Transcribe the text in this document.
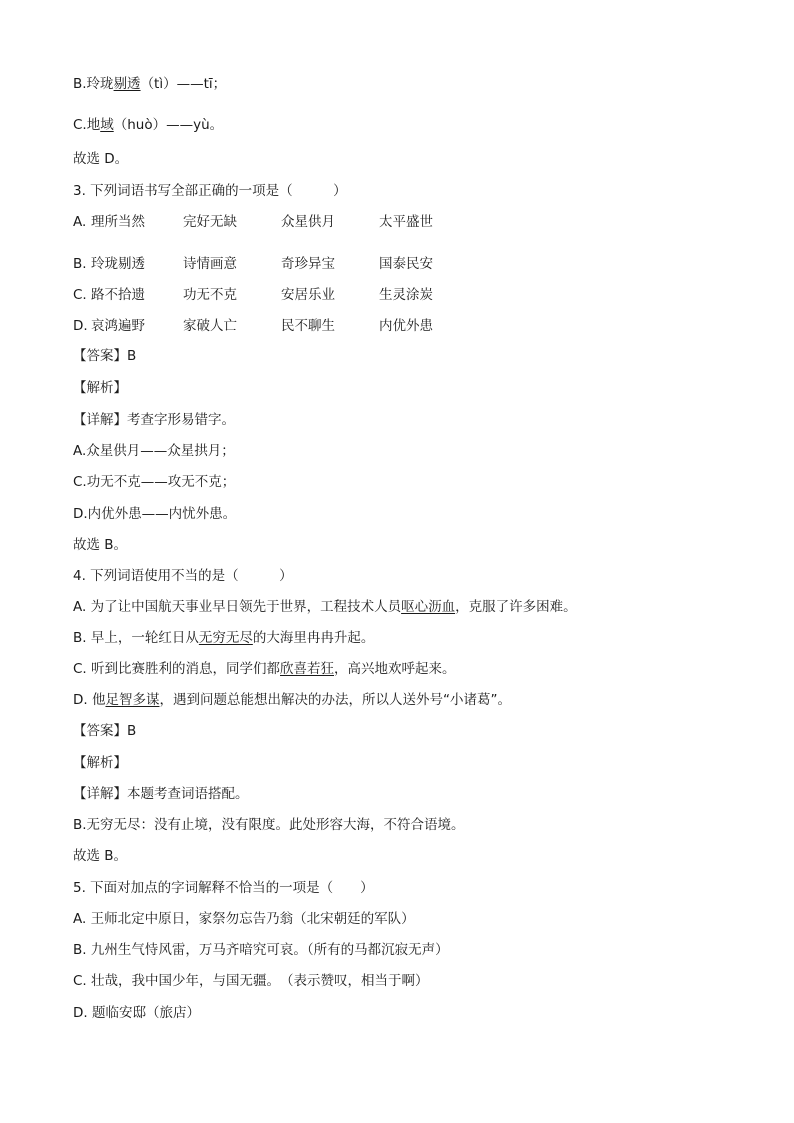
B.玲珑剔透（tì）——tī；
C.地域（huò）——yù。
故选 D。
3. 下列词语书写全部正确的一项是（　　　）
A. 理所当然	完好无缺	众星供月	太平盛世
B. 玲珑剔透	诗情画意	奇珍异宝	国泰民安
C. 路不拾遗	功无不克	安居乐业	生灵涂炭
D. 哀鸿遍野	家破人亡	民不聊生	内优外患
【答案】B
【解析】
【详解】考查字形易错字。
A.众星供月——众星拱月；
C.功无不克——攻无不克；
D.内优外患——内忧外患。
故选 B。
4. 下列词语使用不当的是（　　　）
A. 为了让中国航天事业早日领先于世界，工程技术人员呕心沥血，克服了许多困难。
B. 早上，一轮红日从无穷无尽的大海里冉冉升起。
C. 听到比赛胜利的消息，同学们都欣喜若狂，高兴地欢呼起来。
D. 他足智多谋，遇到问题总能想出解决的办法，所以人送外号“小诸葛”。
【答案】B
【解析】
【详解】本题考查词语搭配。
B.无穷无尽：没有止境，没有限度。此处形容大海，不符合语境。
故选 B。
5. 下面对加点的字词解释不恰当的一项是（　　）
A. 王师北定中原日，家祭勿忘告乃翁（北宋朝廷的军队）
B. 九州生气恃风雷，万马齐喑究可哀。（所有的马都沉寂无声）
C. 壮哉，我中国少年，与国无疆。　（表示赞叹，相当于啊）
D. 题临安邸（旅店）
